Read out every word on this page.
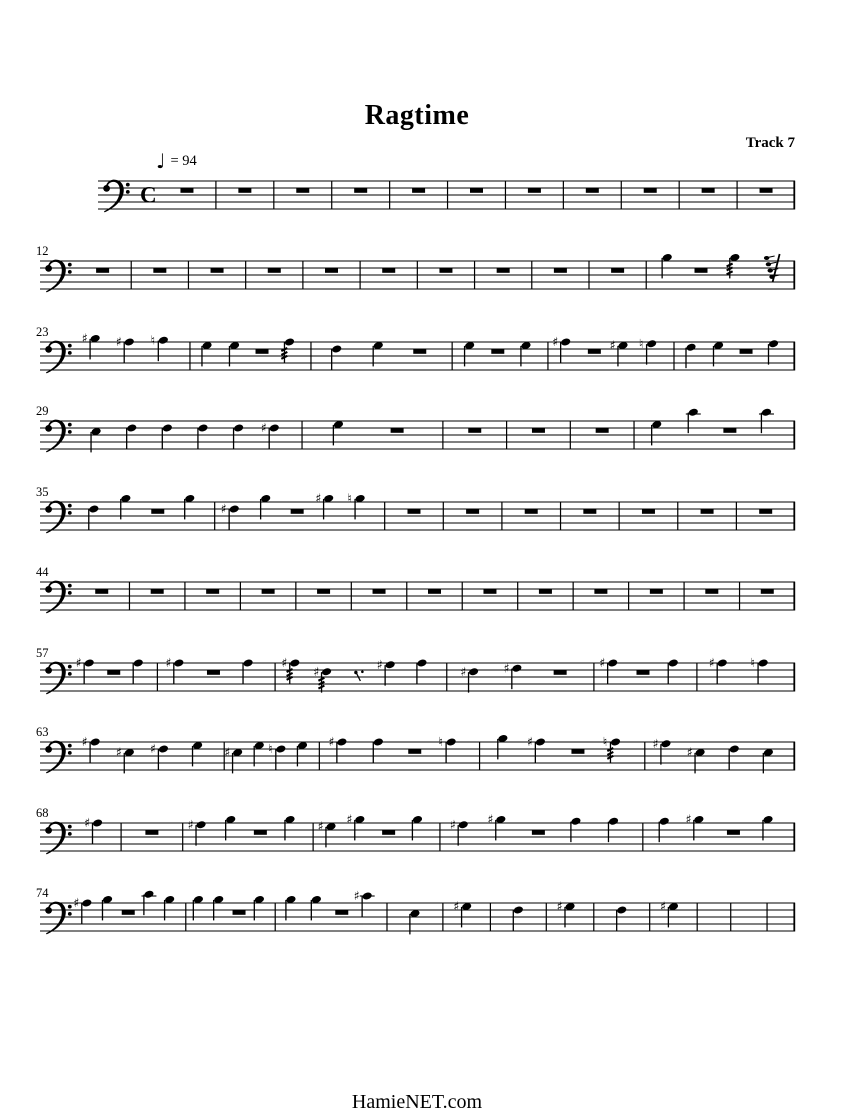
Ragtime
Track 7
♩ = 94
C
♯ ♯ ♮	♯	♯ ♮
♯
♯
♯ ♮
♯	♯	♯
♯	♯	♯	♯	♯	♯	♮
♯
♯ ♯	♯	♮	♯	♮	♯	♮	♯
♯
♯	♯	♯ ♯	♯	♯	♯
♯	♯
♯	♯	♯
12
23
29
35
44
57
63
68
74
HamieNET.com
